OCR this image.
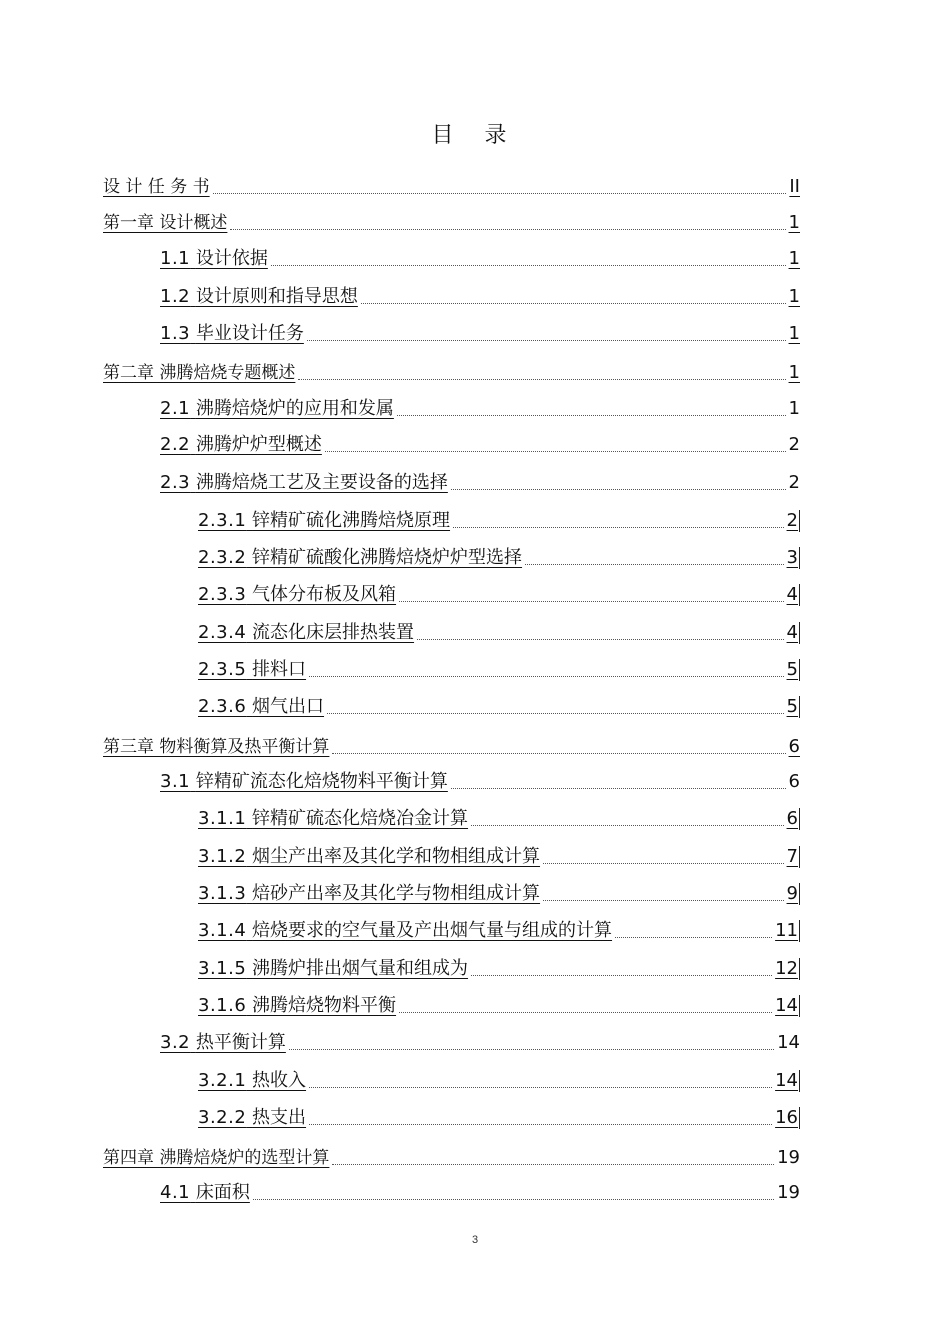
目 录
设 计 任 务 书	II
第一章 设计概述	1
1.1 设计依据	1
1.2 设计原则和指导思想	1
1.3 毕业设计任务	1
第二章 沸腾焙烧专题概述	1
2.1 沸腾焙烧炉的应用和发属	1
2.2 沸腾炉炉型概述	2
2.3 沸腾焙烧工艺及主要设备的选择	2
2.3.1 锌精矿硫化沸腾焙烧原理	2
2.3.2 锌精矿硫酸化沸腾焙烧炉炉型选择	3
2.3.3 气体分布板及风箱	4
2.3.4 流态化床层排热装置	4
2.3.5 排料口	5
2.3.6 烟气出口	5
第三章 物料衡算及热平衡计算	6
3.1 锌精矿流态化焙烧物料平衡计算	6
3.1.1 锌精矿硫态化焙烧冶金计算	6
3.1.2 烟尘产出率及其化学和物相组成计算	7
3.1.3 焙砂产出率及其化学与物相组成计算	9
3.1.4 焙烧要求的空气量及产出烟气量与组成的计算	11
3.1.5 沸腾炉排出烟气量和组成为	12
3.1.6 沸腾焙烧物料平衡	14
3.2 热平衡计算	14
3.2.1 热收入	14
3.2.2 热支出	16
第四章 沸腾焙烧炉的选型计算	19
4.1 床面积	19
3
